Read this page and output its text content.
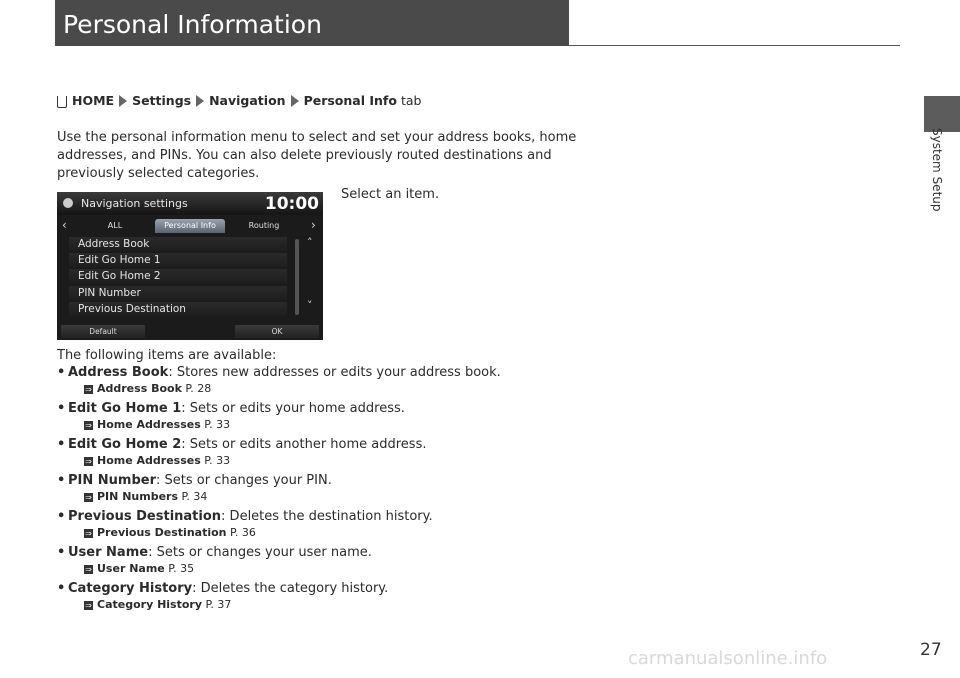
Personal Information
System Setup
HOME Settings Navigation Personal Info tab
Use the personal information menu to select and set your address books, home
addresses, and PINs. You can also delete previously routed destinations and
previously selected categories.
Select an item.
Navigation settings	10:00
‹	ALL	Personal Info	Routing	›
Address Book
Edit Go Home 1
Edit Go Home 2
PIN Number
Previous Destination
˄
˅
Default	OK
The following items are available:
• Address Book: Stores new addresses or edits your address book.
⇒ Address Book P. 28
• Edit Go Home 1: Sets or edits your home address.
⇒ Home Addresses P. 33
• Edit Go Home 2: Sets or edits another home address.
⇒ Home Addresses P. 33
• PIN Number: Sets or changes your PIN.
⇒ PIN Numbers P. 34
• Previous Destination: Deletes the destination history.
⇒ Previous Destination P. 36
• User Name: Sets or changes your user name.
⇒ User Name P. 35
• Category History: Deletes the category history.
⇒ Category History P. 37
carmanualsonline.info	27
